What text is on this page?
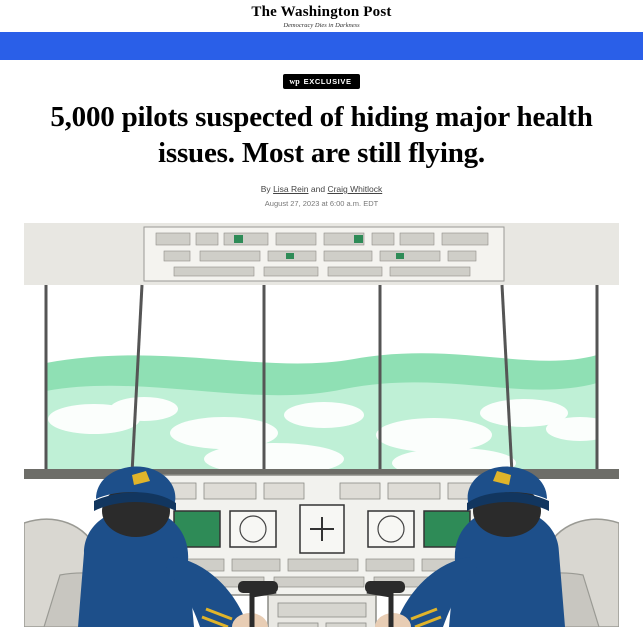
The Washington Post
Democracy Dies in Darkness
wp EXCLUSIVE
5,000 pilots suspected of hiding major health issues. Most are still flying.
By Lisa Rein and Craig Whitlock
August 27, 2023 at 6:00 a.m. EDT
